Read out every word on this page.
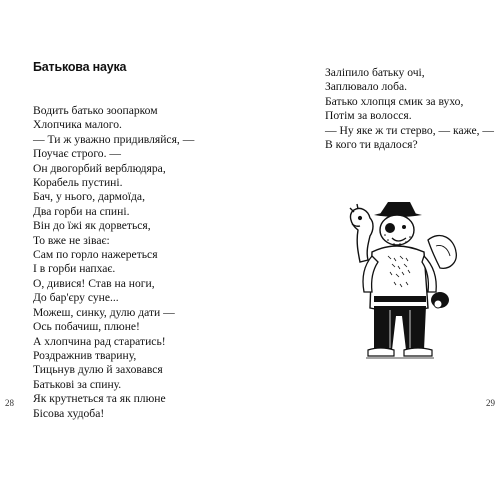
Батькова наука
Водить батько зоопарком
Хлопчика малого.
— Ти ж уважно придивляйся, —
Поучає строго. —
Он двогорбий верблюдяра,
Корабель пустині.
Бач, у нього, дармоїда,
Два горби на спині.
Він до їжі як дорветься,
То вже не зіває:
Сам по горло нажереться
І в горби напхає.
О, дивися! Став на ноги,
До бар'єру суне...
Можеш, синку, дулю дати —
Ось побачиш, плюне!
А хлопчина рад старатись!
Роздражнив тварину,
Тицьнув дулю й заховався
Батькові за спину.
Як крутнеться та як плюне
Бісова худоба!
28
Заліпило батьку очі,
Заплювало лоба.
Батько хлопця смик за вухо,
Потім за волосся.
— Ну яке ж ти стерво, — каже, —
В кого ти вдалося?
29
